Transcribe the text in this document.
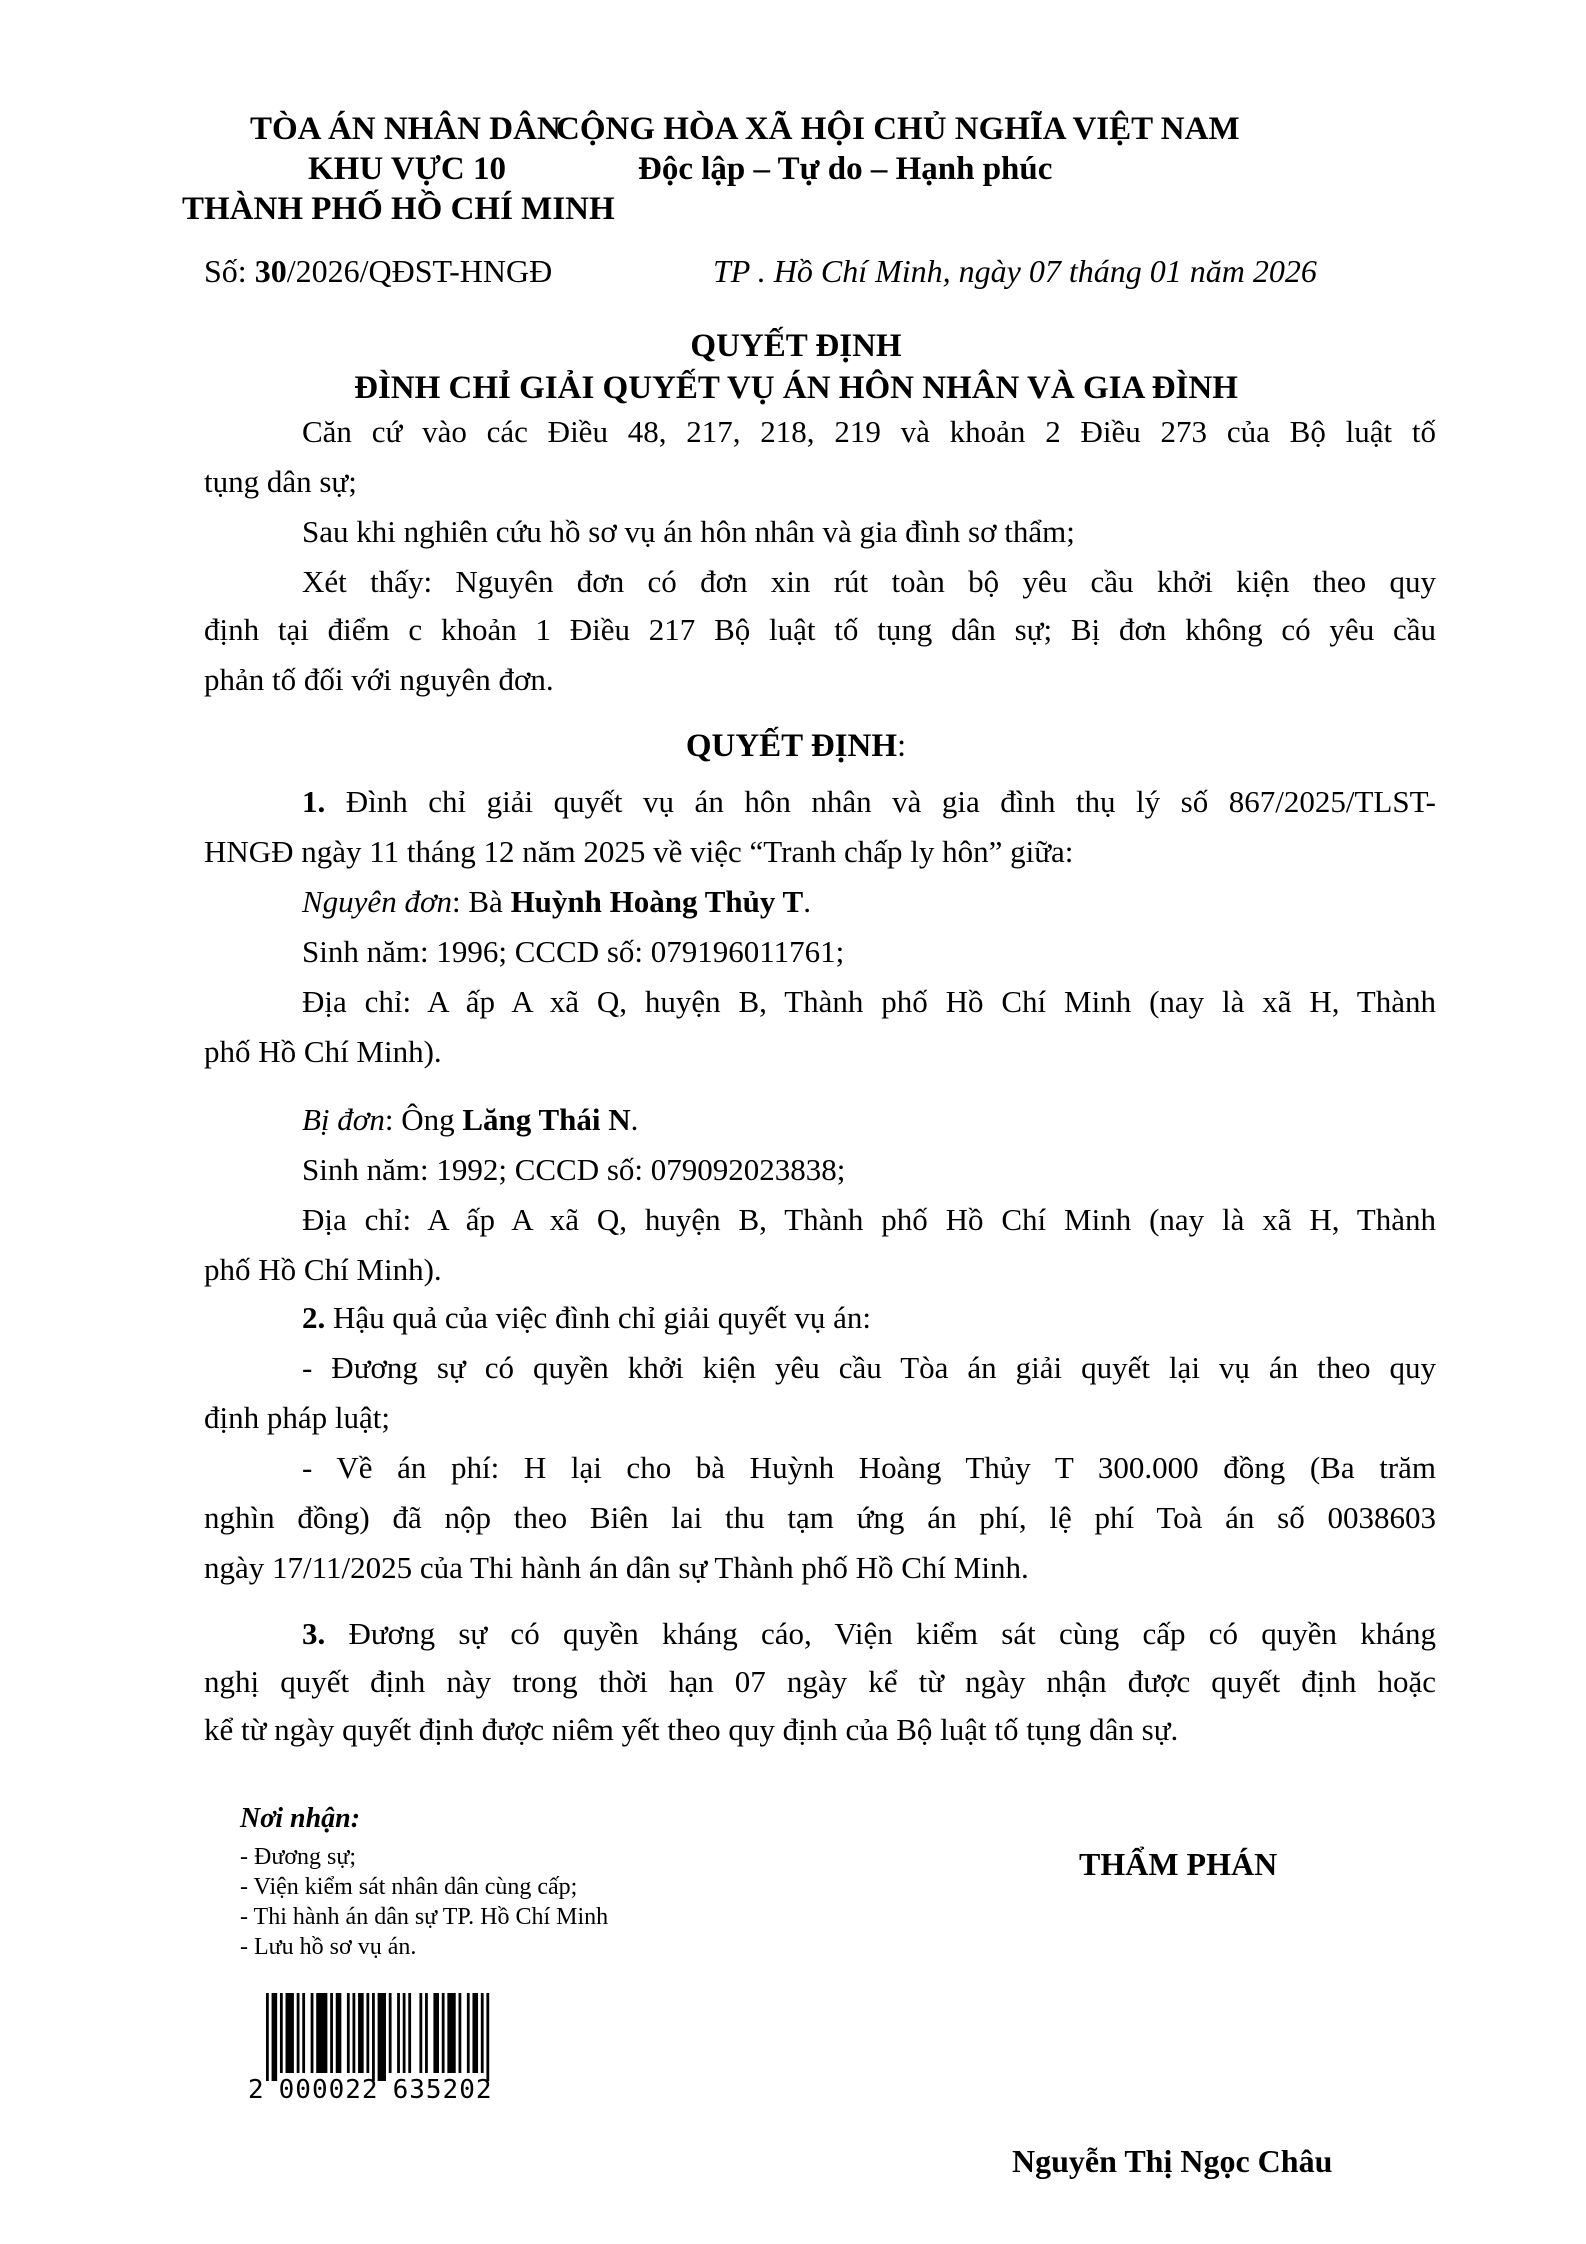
TÒA ÁN NHÂN DÂN
KHU VỰC 10
THÀNH PHỐ HỒ CHÍ MINH
CỘNG HÒA XÃ HỘI CHỦ NGHĨA VIỆT NAM
Độc lập – Tự do – Hạnh phúc
Số: 30/2026/QĐST-HNGĐ	TP . Hồ Chí Minh, ngày 07 tháng 01 năm 2026
QUYẾT ĐỊNH
ĐÌNH CHỈ GIẢI QUYẾT VỤ ÁN HÔN NHÂN VÀ GIA ĐÌNH
Căn cứ vào các Điều 48, 217, 218, 219 và khoản 2 Điều 273 của Bộ luật tố
tụng dân sự;
Sau khi nghiên cứu hồ sơ vụ án hôn nhân và gia đình sơ thẩm;
Xét thấy: Nguyên đơn có đơn xin rút toàn bộ yêu cầu khởi kiện theo quy
định tại điểm c khoản 1 Điều 217 Bộ luật tố tụng dân sự; Bị đơn không có yêu cầu
phản tố đối với nguyên đơn.
QUYẾT ĐỊNH:
1. Đình chỉ giải quyết vụ án hôn nhân và gia đình thụ lý số 867/2025/TLST-
HNGĐ ngày 11 tháng 12 năm 2025 về việc “Tranh chấp ly hôn” giữa:
Nguyên đơn: Bà Huỳnh Hoàng Thủy T.
Sinh năm: 1996; CCCD số: 079196011761;
Địa chỉ: A ấp A xã Q, huyện B, Thành phố Hồ Chí Minh (nay là xã H, Thành
phố Hồ Chí Minh).
Bị đơn: Ông Lăng Thái N.
Sinh năm: 1992; CCCD số: 079092023838;
Địa chỉ: A ấp A xã Q, huyện B, Thành phố Hồ Chí Minh (nay là xã H, Thành
phố Hồ Chí Minh).
2. Hậu quả của việc đình chỉ giải quyết vụ án:
- Đương sự có quyền khởi kiện yêu cầu Tòa án giải quyết lại vụ án theo quy
định pháp luật;
- Về án phí: H lại cho bà Huỳnh Hoàng Thủy T 300.000 đồng (Ba trăm
nghìn đồng) đã nộp theo Biên lai thu tạm ứng án phí, lệ phí Toà án số 0038603
ngày 17/11/2025 của Thi hành án dân sự Thành phố Hồ Chí Minh.
3. Đương sự có quyền kháng cáo, Viện kiểm sát cùng cấp có quyền kháng
nghị quyết định này trong thời hạn 07 ngày kể từ ngày nhận được quyết định hoặc
kể từ ngày quyết định được niêm yết theo quy định của Bộ luật tố tụng dân sự.
Nơi nhận:
- Đương sự;
- Viện kiểm sát nhân dân cùng cấp;
- Thi hành án dân sự TP. Hồ Chí Minh
- Lưu hồ sơ vụ án.
2 000022 635202
THẨM PHÁN
Nguyễn Thị Ngọc Châu
